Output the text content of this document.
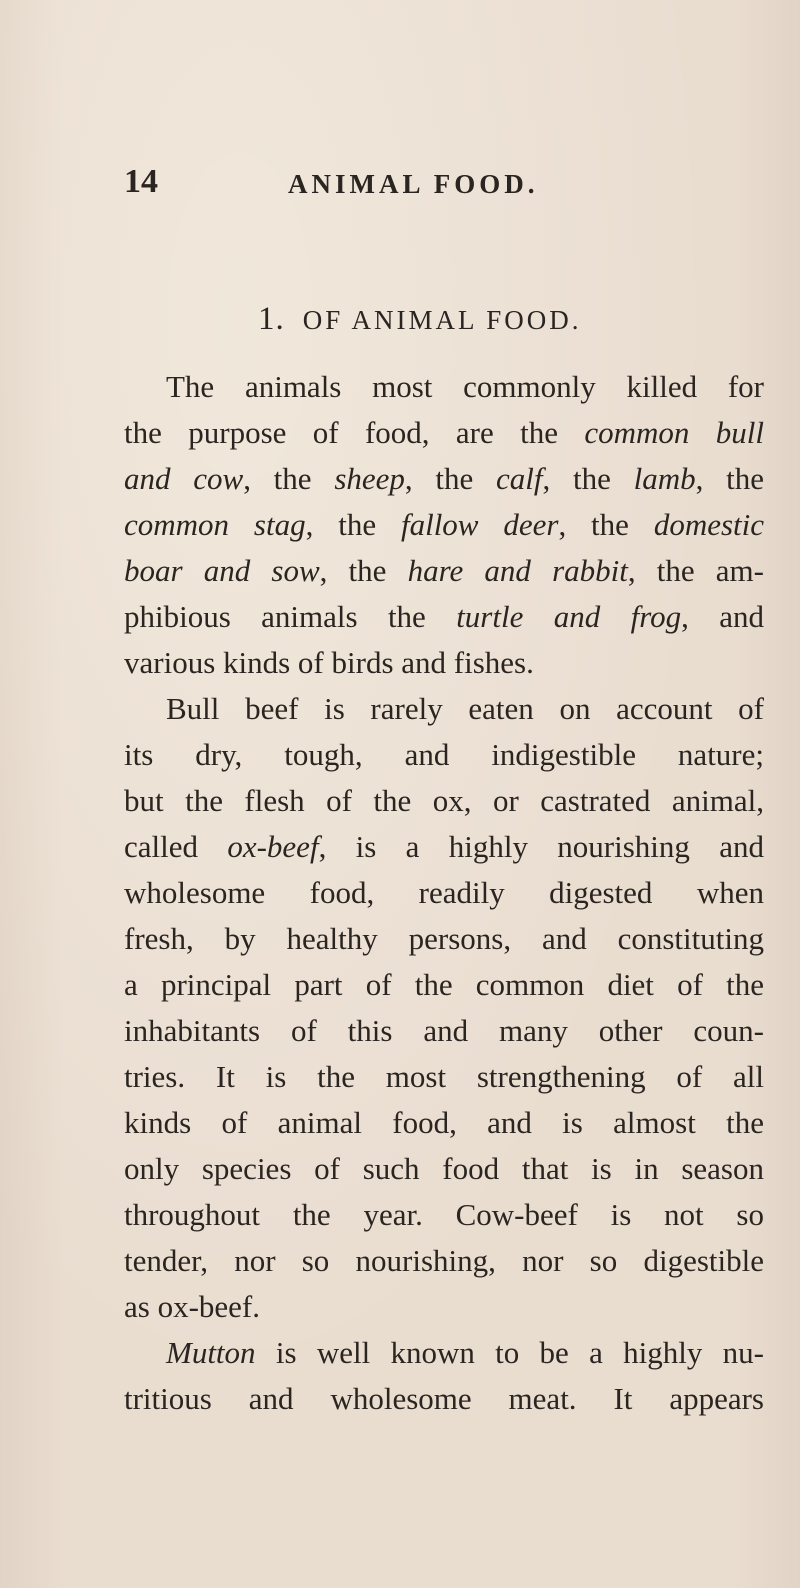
14	ANIMAL FOOD.
1. OF ANIMAL FOOD.
The animals most commonly killed for
the purpose of food, are the common bull
and cow, the sheep, the calf, the lamb, the
common stag, the fallow deer, the domestic
boar and sow, the hare and rabbit, the am-
phibious animals the turtle and frog, and
various kinds of birds and fishes.
Bull beef is rarely eaten on account of
its dry, tough, and indigestible nature;
but the flesh of the ox, or castrated animal,
called ox-beef, is a highly nourishing and
wholesome food, readily digested when
fresh, by healthy persons, and constituting
a principal part of the common diet of the
inhabitants of this and many other coun-
tries. It is the most strengthening of all
kinds of animal food, and is almost the
only species of such food that is in season
throughout the year. Cow-beef is not so
tender, nor so nourishing, nor so digestible
as ox-beef.
Mutton is well known to be a highly nu-
tritious and wholesome meat. It appears
